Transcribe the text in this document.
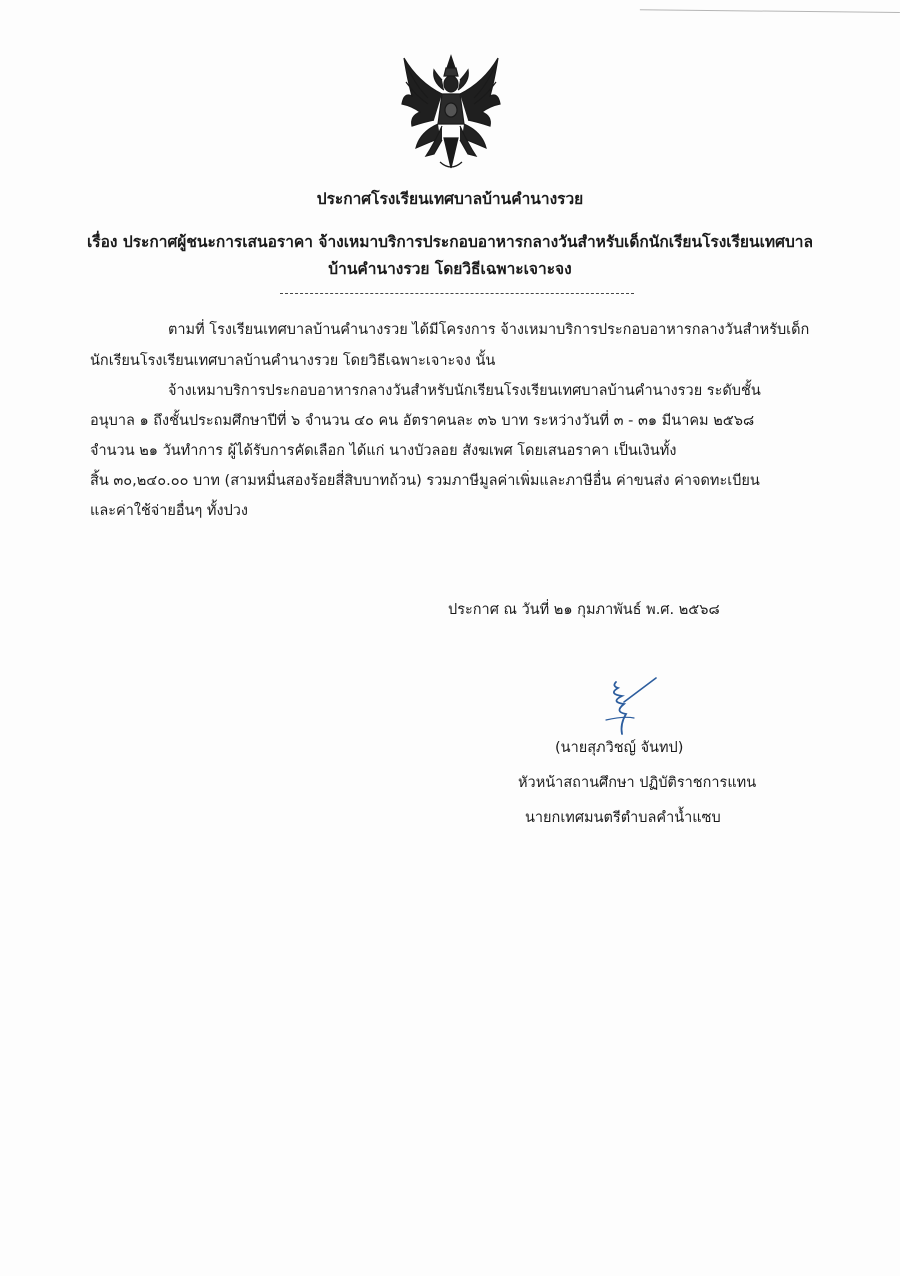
ประกาศโรงเรียนเทศบาลบ้านคำนางรวย
เรื่อง ประกาศผู้ชนะการเสนอราคา จ้างเหมาบริการประกอบอาหารกลางวันสำหรับเด็กนักเรียนโรงเรียนเทศบาล
บ้านคำนางรวย โดยวิธีเฉพาะเจาะจง
ตามที่ โรงเรียนเทศบาลบ้านคำนางรวย ได้มีโครงการ จ้างเหมาบริการประกอบอาหารกลางวันสำหรับเด็ก
นักเรียนโรงเรียนเทศบาลบ้านคำนางรวย โดยวิธีเฉพาะเจาะจง นั้น
จ้างเหมาบริการประกอบอาหารกลางวันสำหรับนักเรียนโรงเรียนเทศบาลบ้านคำนางรวย ระดับชั้น
อนุบาล ๑ ถึงชั้นประถมศึกษาปีที่ ๖ จำนวน ๔๐ คน อัตราคนละ ๓๖ บาท ระหว่างวันที่ ๓ - ๓๑ มีนาคม ๒๕๖๘
จำนวน ๒๑ วันทำการ ผู้ได้รับการคัดเลือก ได้แก่ นางบัวลอย สังฆเพศ โดยเสนอราคา เป็นเงินทั้ง
สิ้น ๓๐,๒๔๐.๐๐ บาท (สามหมื่นสองร้อยสี่สิบบาทถ้วน) รวมภาษีมูลค่าเพิ่มและภาษีอื่น ค่าขนส่ง ค่าจดทะเบียน
และค่าใช้จ่ายอื่นๆ ทั้งปวง
ประกาศ ณ วันที่ ๒๑ กุมภาพันธ์ พ.ศ. ๒๕๖๘
(นายสุภวิชญ์ จันทป)
หัวหน้าสถานศึกษา ปฏิบัติราชการแทน
นายกเทศมนตรีตำบลคำน้ำแซบ
